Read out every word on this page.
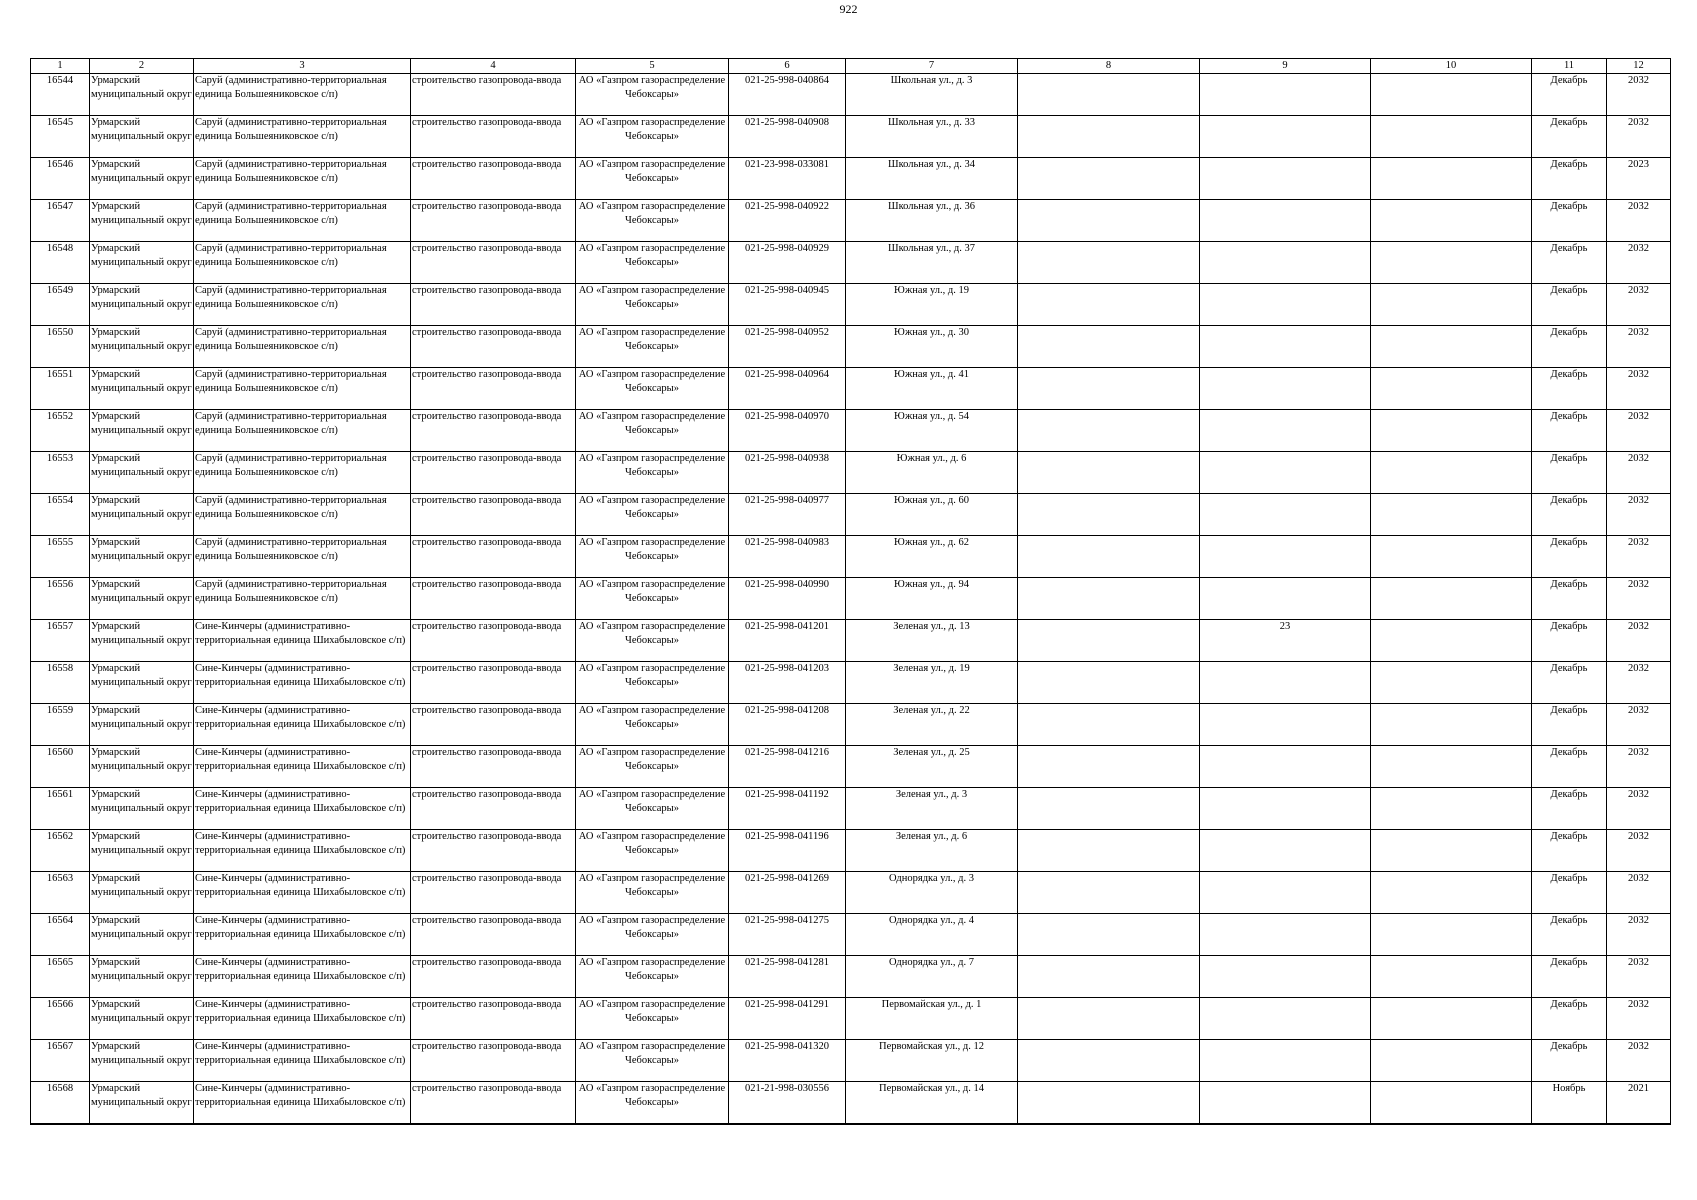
922
1	2	3	4	5	6	7	8	9	10	11	12

16544	Урмарский муниципальный округ	Саруй (административно-территориальная единица Большеяниковское с/п)	строительство газопровода-ввода	АО «Газпром газораспределение Чебоксары»	021-25-998-040864	Школьная ул., д. 3				Декабрь	2032

16545	Урмарский муниципальный округ	Саруй (административно-территориальная единица Большеяниковское с/п)	строительство газопровода-ввода	АО «Газпром газораспределение Чебоксары»	021-25-998-040908	Школьная ул., д. 33				Декабрь	2032

16546	Урмарский муниципальный округ	Саруй (административно-территориальная единица Большеяниковское с/п)	строительство газопровода-ввода	АО «Газпром газораспределение Чебоксары»	021-23-998-033081	Школьная ул., д. 34				Декабрь	2023

16547	Урмарский муниципальный округ	Саруй (административно-территориальная единица Большеяниковское с/п)	строительство газопровода-ввода	АО «Газпром газораспределение Чебоксары»	021-25-998-040922	Школьная ул., д. 36				Декабрь	2032

16548	Урмарский муниципальный округ	Саруй (административно-территориальная единица Большеяниковское с/п)	строительство газопровода-ввода	АО «Газпром газораспределение Чебоксары»	021-25-998-040929	Школьная ул., д. 37				Декабрь	2032

16549	Урмарский муниципальный округ	Саруй (административно-территориальная единица Большеяниковское с/п)	строительство газопровода-ввода	АО «Газпром газораспределение Чебоксары»	021-25-998-040945	Южная ул., д. 19				Декабрь	2032

16550	Урмарский муниципальный округ	Саруй (административно-территориальная единица Большеяниковское с/п)	строительство газопровода-ввода	АО «Газпром газораспределение Чебоксары»	021-25-998-040952	Южная ул., д. 30				Декабрь	2032

16551	Урмарский муниципальный округ	Саруй (административно-территориальная единица Большеяниковское с/п)	строительство газопровода-ввода	АО «Газпром газораспределение Чебоксары»	021-25-998-040964	Южная ул., д. 41				Декабрь	2032

16552	Урмарский муниципальный округ	Саруй (административно-территориальная единица Большеяниковское с/п)	строительство газопровода-ввода	АО «Газпром газораспределение Чебоксары»	021-25-998-040970	Южная ул., д. 54				Декабрь	2032

16553	Урмарский муниципальный округ	Саруй (административно-территориальная единица Большеяниковское с/п)	строительство газопровода-ввода	АО «Газпром газораспределение Чебоксары»	021-25-998-040938	Южная ул., д. 6				Декабрь	2032

16554	Урмарский муниципальный округ	Саруй (административно-территориальная единица Большеяниковское с/п)	строительство газопровода-ввода	АО «Газпром газораспределение Чебоксары»	021-25-998-040977	Южная ул., д. 60				Декабрь	2032

16555	Урмарский муниципальный округ	Саруй (административно-территориальная единица Большеяниковское с/п)	строительство газопровода-ввода	АО «Газпром газораспределение Чебоксары»	021-25-998-040983	Южная ул., д. 62				Декабрь	2032

16556	Урмарский муниципальный округ	Саруй (административно-территориальная единица Большеяниковское с/п)	строительство газопровода-ввода	АО «Газпром газораспределение Чебоксары»	021-25-998-040990	Южная ул., д. 94				Декабрь	2032

16557	Урмарский муниципальный округ	Сине-Кинчеры (административно-территориальная единица Шихабыловское с/п)	строительство газопровода-ввода	АО «Газпром газораспределение Чебоксары»	021-25-998-041201	Зеленая ул., д. 13		23		Декабрь	2032

16558	Урмарский муниципальный округ	Сине-Кинчеры (административно-территориальная единица Шихабыловское с/п)	строительство газопровода-ввода	АО «Газпром газораспределение Чебоксары»	021-25-998-041203	Зеленая ул., д. 19				Декабрь	2032

16559	Урмарский муниципальный округ	Сине-Кинчеры (административно-территориальная единица Шихабыловское с/п)	строительство газопровода-ввода	АО «Газпром газораспределение Чебоксары»	021-25-998-041208	Зеленая ул., д. 22				Декабрь	2032

16560	Урмарский муниципальный округ	Сине-Кинчеры (административно-территориальная единица Шихабыловское с/п)	строительство газопровода-ввода	АО «Газпром газораспределение Чебоксары»	021-25-998-041216	Зеленая ул., д. 25				Декабрь	2032

16561	Урмарский муниципальный округ	Сине-Кинчеры (административно-территориальная единица Шихабыловское с/п)	строительство газопровода-ввода	АО «Газпром газораспределение Чебоксары»	021-25-998-041192	Зеленая ул., д. 3				Декабрь	2032

16562	Урмарский муниципальный округ	Сине-Кинчеры (административно-территориальная единица Шихабыловское с/п)	строительство газопровода-ввода	АО «Газпром газораспределение Чебоксары»	021-25-998-041196	Зеленая ул., д. 6				Декабрь	2032

16563	Урмарский муниципальный округ	Сине-Кинчеры (административно-территориальная единица Шихабыловское с/п)	строительство газопровода-ввода	АО «Газпром газораспределение Чебоксары»	021-25-998-041269	Однорядка ул., д. 3				Декабрь	2032

16564	Урмарский муниципальный округ	Сине-Кинчеры (административно-территориальная единица Шихабыловское с/п)	строительство газопровода-ввода	АО «Газпром газораспределение Чебоксары»	021-25-998-041275	Однорядка ул., д. 4				Декабрь	2032

16565	Урмарский муниципальный округ	Сине-Кинчеры (административно-территориальная единица Шихабыловское с/п)	строительство газопровода-ввода	АО «Газпром газораспределение Чебоксары»	021-25-998-041281	Однорядка ул., д. 7				Декабрь	2032

16566	Урмарский муниципальный округ	Сине-Кинчеры (административно-территориальная единица Шихабыловское с/п)	строительство газопровода-ввода	АО «Газпром газораспределение Чебоксары»	021-25-998-041291	Первомайская ул., д. 1				Декабрь	2032

16567	Урмарский муниципальный округ	Сине-Кинчеры (административно-территориальная единица Шихабыловское с/п)	строительство газопровода-ввода	АО «Газпром газораспределение Чебоксары»	021-25-998-041320	Первомайская ул., д. 12				Декабрь	2032

16568	Урмарский муниципальный округ	Сине-Кинчеры (административно-территориальная единица Шихабыловское с/п)	строительство газопровода-ввода	АО «Газпром газораспределение Чебоксары»	021-21-998-030556	Первомайская ул., д. 14				Ноябрь	2021
